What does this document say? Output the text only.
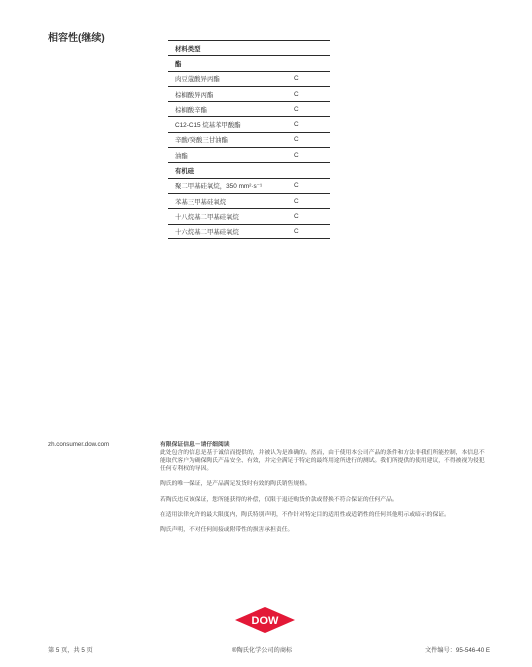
相容性(继续)
材料类型
酯
肉豆蔻酸异丙酯	C
棕榈酸异丙酯	C
棕榈酸辛酯	C
C12-C15 烷基苯甲酸酯	C
辛酸/癸酸三甘油酯	C
油酯	C
有机硅
聚二甲基硅氧烷，350 mm²·s⁻¹	C
苯基三甲基硅氧烷	C
十八烷基二甲基硅氧烷	C
十六烷基二甲基硅氧烷	C
zh.consumer.dow.com	有限保证信息－请仔细阅读

此处包含的信息是基于诚信而提供的，并被认为是准确的。然而，由于使用本公司产品的条件和方法非我们所能控制，本信息不能取代客户为确保陶氏产品安全、有效，并完全满足于特定的最终用途所进行的测试。我们所提供的使用建议，不得被视为侵犯任何专利权的导因。

陶氏的唯一保证，是产品满足发货时有效的陶氏销售规格。

若陶氏违反该保证，您所能获得的补偿，仅限于退还购货价款或替换不符合保证的任何产品。

在适用法律允许的最大限度内，陶氏特别声明，不作针对特定目的适用性或适销性的任何其他明示或暗示的保证。

陶氏声明，不对任何间接或附带性的损害承担责任。

DOW
第 5 页，共 5 页	®陶氏化学公司的商标	文件编号：95-546-40 E
